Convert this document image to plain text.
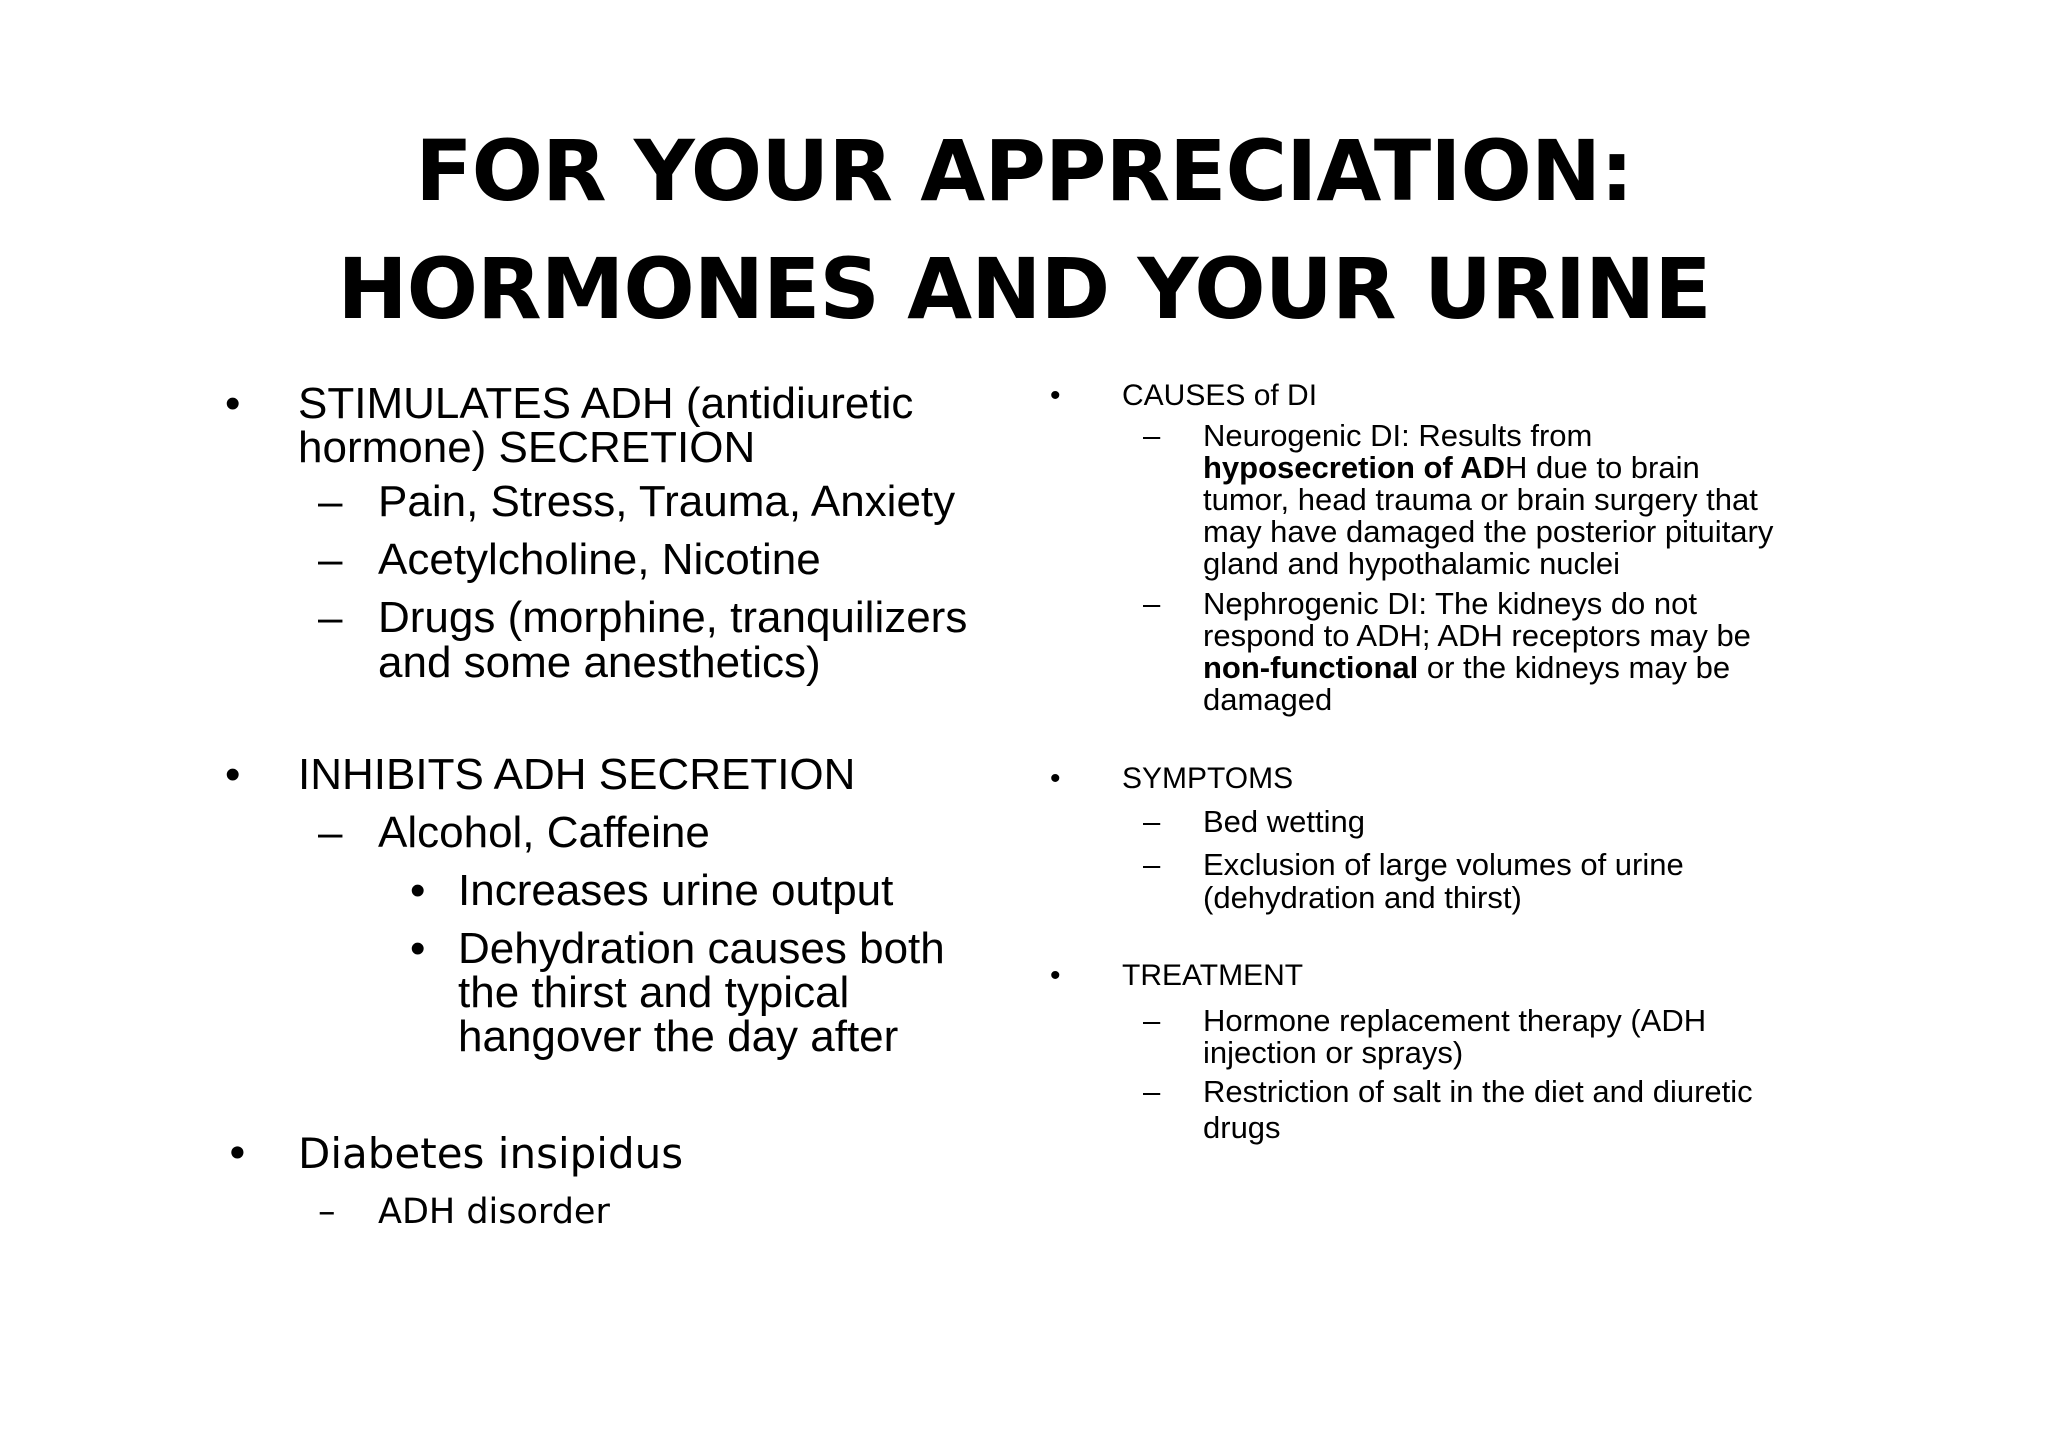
FOR YOUR APPRECIATION:
HORMONES AND YOUR URINE
• STIMULATES ADH (antidiuretic
hormone) SECRETION
– Pain, Stress, Trauma, Anxiety
– Acetylcholine, Nicotine
– Drugs (morphine, tranquilizers
and some anesthetics)
• INHIBITS ADH SECRETION
– Alcohol, Caffeine
• Increases urine output
• Dehydration causes both
the thirst and typical
hangover the day after
• Diabetes insipidus
– ADH disorder
• CAUSES of DI
– Neurogenic DI: Results from
hyposecretion of ADH due to brain
tumor, head trauma or brain surgery that
may have damaged the posterior pituitary
gland and hypothalamic nuclei
– Nephrogenic DI: The kidneys do not
respond to ADH; ADH receptors may be
non-functional or the kidneys may be
damaged
• SYMPTOMS
– Bed wetting
– Exclusion of large volumes of urine
(dehydration and thirst)
• TREATMENT
– Hormone replacement therapy (ADH
injection or sprays)
– Restriction of salt in the diet and diuretic
drugs
